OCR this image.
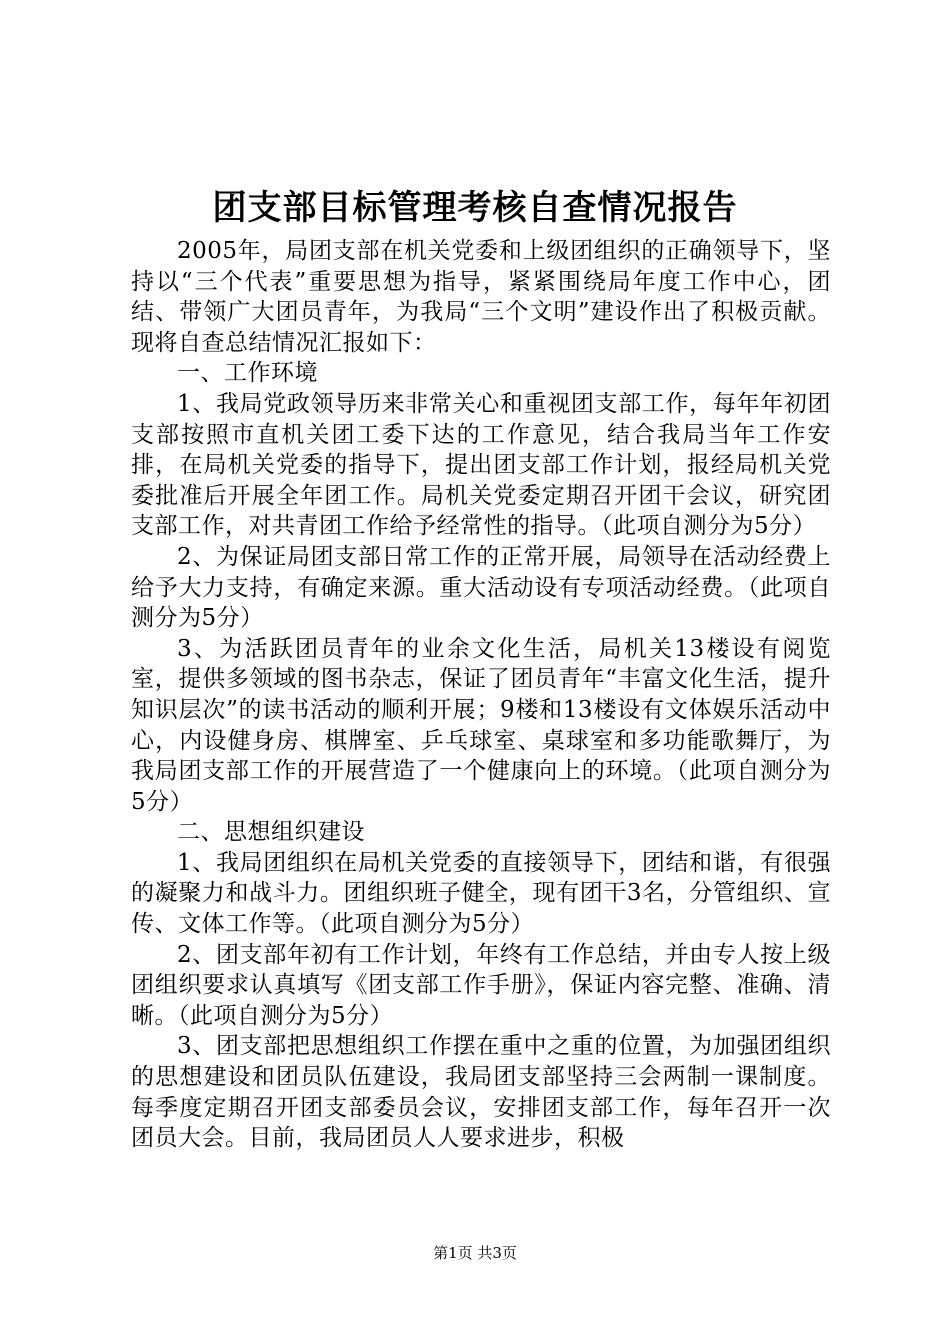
团支部目标管理考核自查情况报告

2005年，局团支部在机关党委和上级团组织的正确领导下，坚持以“三个代表”重要思想为指导，紧紧围绕局年度工作中心，团结、带领广大团员青年，为我局“三个文明”建设作出了积极贡献。现将自查总结情况汇报如下：

一、工作环境

1、我局党政领导历来非常关心和重视团支部工作，每年年初团支部按照市直机关团工委下达的工作意见，结合我局当年工作安排，在局机关党委的指导下，提出团支部工作计划，报经局机关党委批准后开展全年团工作。局机关党委定期召开团干会议，研究团支部工作，对共青团工作给予经常性的指导。（此项自测分为5分）

2、为保证局团支部日常工作的正常开展，局领导在活动经费上给予大力支持，有确定来源。重大活动设有专项活动经费。（此项自测分为5分）

3、为活跃团员青年的业余文化生活，局机关13楼设有阅览室，提供多领域的图书杂志，保证了团员青年“丰富文化生活，提升知识层次”的读书活动的顺利开展；9楼和13楼设有文体娱乐活动中心，内设健身房、棋牌室、乒乓球室、桌球室和多功能歌舞厅，为我局团支部工作的开展营造了一个健康向上的环境。（此项自测分为5分）

二、思想组织建设

1、我局团组织在局机关党委的直接领导下，团结和谐，有很强的凝聚力和战斗力。团组织班子健全，现有团干3名，分管组织、宣传、文体工作等。（此项自测分为5分）

2、团支部年初有工作计划，年终有工作总结，并由专人按上级团组织要求认真填写《团支部工作手册》，保证内容完整、准确、清晰。（此项自测分为5分）

3、团支部把思想组织工作摆在重中之重的位置，为加强团组织的思想建设和团员队伍建设，我局团支部坚持三会两制一课制度。每季度定期召开团支部委员会议，安排团支部工作，每年召开一次团员大会。目前，我局团员人人要求进步，积极

第1页 共3页
